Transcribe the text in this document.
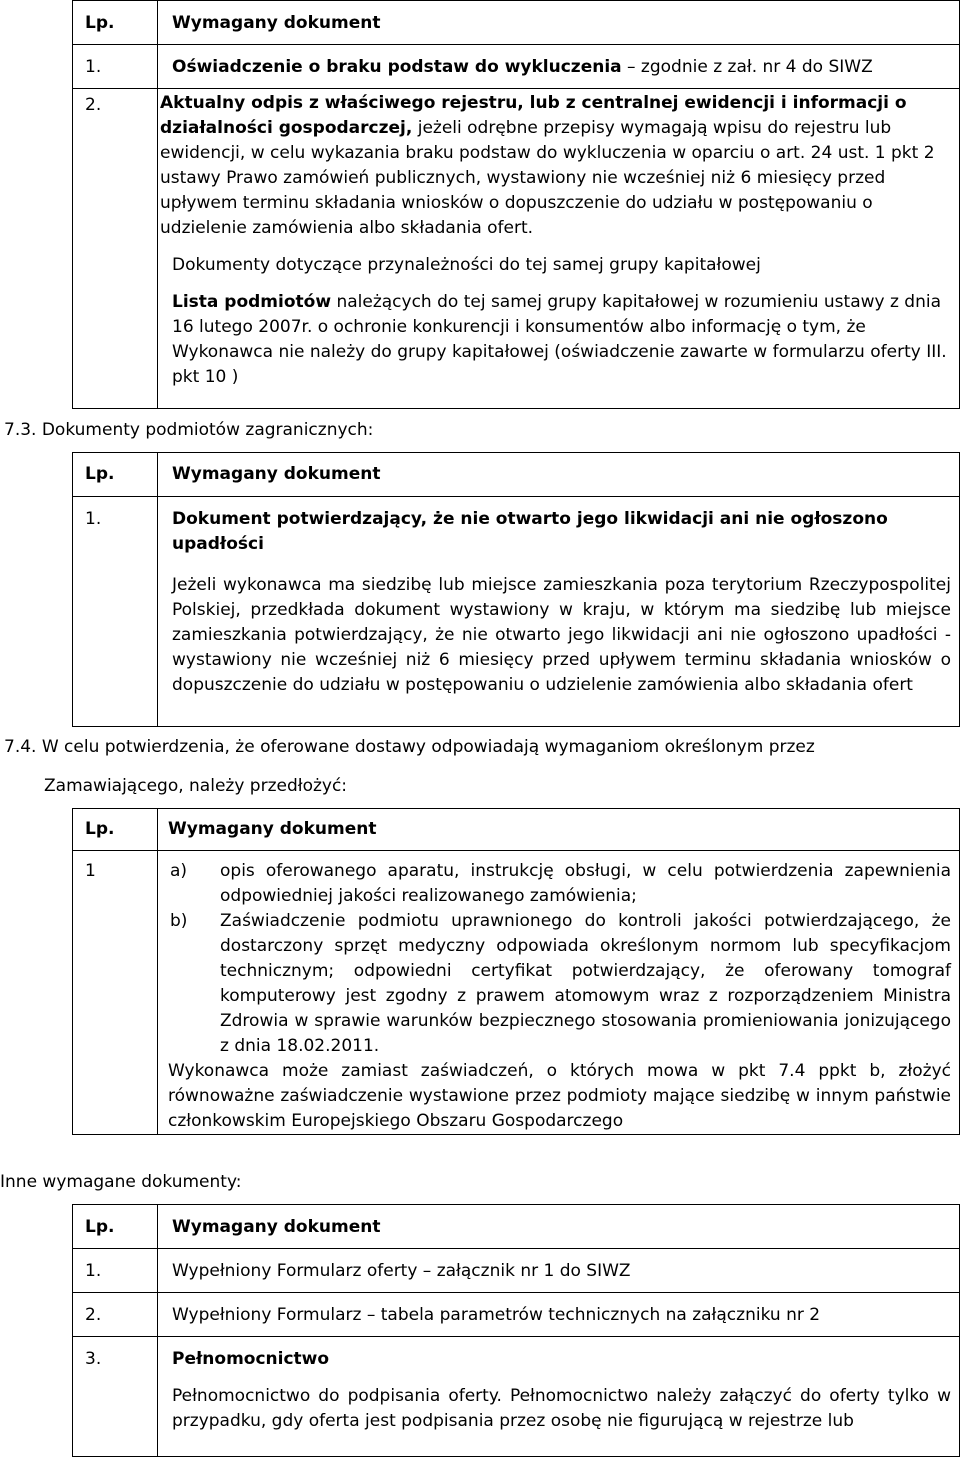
Lp.	Wymagany dokument
1.	Oświadczenie o braku podstaw do wykluczenia – zgodnie z zał. nr 4 do SIWZ
2.	Aktualny odpis z właściwego rejestru, lub z centralnej ewidencji i informacji o działalności gospodarczej, jeżeli odrębne przepisy wymagają wpisu do rejestru lub ewidencji, w celu wykazania braku podstaw do wykluczenia w oparciu o art. 24 ust. 1 pkt 2 ustawy Prawo zamówień publicznych, wystawiony nie wcześniej niż 6 miesięcy przed upływem terminu składania wniosków o dopuszczenie do udziału w postępowaniu o udzielenie zamówienia albo składania ofert.

Dokumenty dotyczące przynależności do tej samej grupy kapitałowej

Lista podmiotów należących do tej samej grupy kapitałowej w rozumieniu ustawy z dnia 16 lutego 2007r. o ochronie konkurencji i konsumentów albo informację o tym, że Wykonawca nie należy do grupy kapitałowej (oświadczenie zawarte w formularzu oferty III. pkt 10 )

7.3. Dokumenty podmiotów zagranicznych:
Lp.	Wymagany dokument
1.	Dokument potwierdzający, że nie otwarto jego likwidacji ani nie ogłoszono upadłości

Jeżeli wykonawca ma siedzibę lub miejsce zamieszkania poza terytorium Rzeczypospolitej Polskiej, przedkłada dokument wystawiony w kraju, w którym ma siedzibę lub miejsce zamieszkania potwierdzający, że nie otwarto jego likwidacji ani nie ogłoszono upadłości - wystawiony nie wcześniej niż 6 miesięcy przed upływem terminu składania wniosków o dopuszczenie do udziału w postępowaniu o udzielenie zamówienia albo składania ofert

7.4. W celu potwierdzenia, że oferowane dostawy odpowiadają wymaganiom określonym przez
Zamawiającego, należy przedłożyć:
Lp.	Wymagany dokument
1	a) opis oferowanego aparatu, instrukcję obsługi, w celu potwierdzenia zapewnienia odpowiedniej jakości realizowanego zamówienia;
b) Zaświadczenie podmiotu uprawnionego do kontroli jakości potwierdzającego, że dostarczony sprzęt medyczny odpowiada określonym normom lub specyfikacjom technicznym; odpowiedni certyfikat potwierdzający, że oferowany tomograf komputerowy jest zgodny z prawem atomowym wraz z rozporządzeniem Ministra Zdrowia w sprawie warunków bezpiecznego stosowania promieniowania jonizującego z dnia 18.02.2011.

Wykonawca może zamiast zaświadczeń, o których mowa w pkt 7.4 ppkt b, złożyć równoważne zaświadczenie wystawione przez podmioty mające siedzibę w innym państwie członkowskim Europejskiego Obszaru Gospodarczego

Inne wymagane dokumenty:
Lp.	Wymagany dokument
1.	Wypełniony Formularz oferty – załącznik nr 1 do SIWZ
2.	Wypełniony Formularz – tabela parametrów technicznych na załączniku nr 2
3.	Pełnomocnictwo

Pełnomocnictwo do podpisania oferty. Pełnomocnictwo należy załączyć do oferty tylko w przypadku, gdy oferta jest podpisania przez osobę nie figurującą w rejestrze lub
